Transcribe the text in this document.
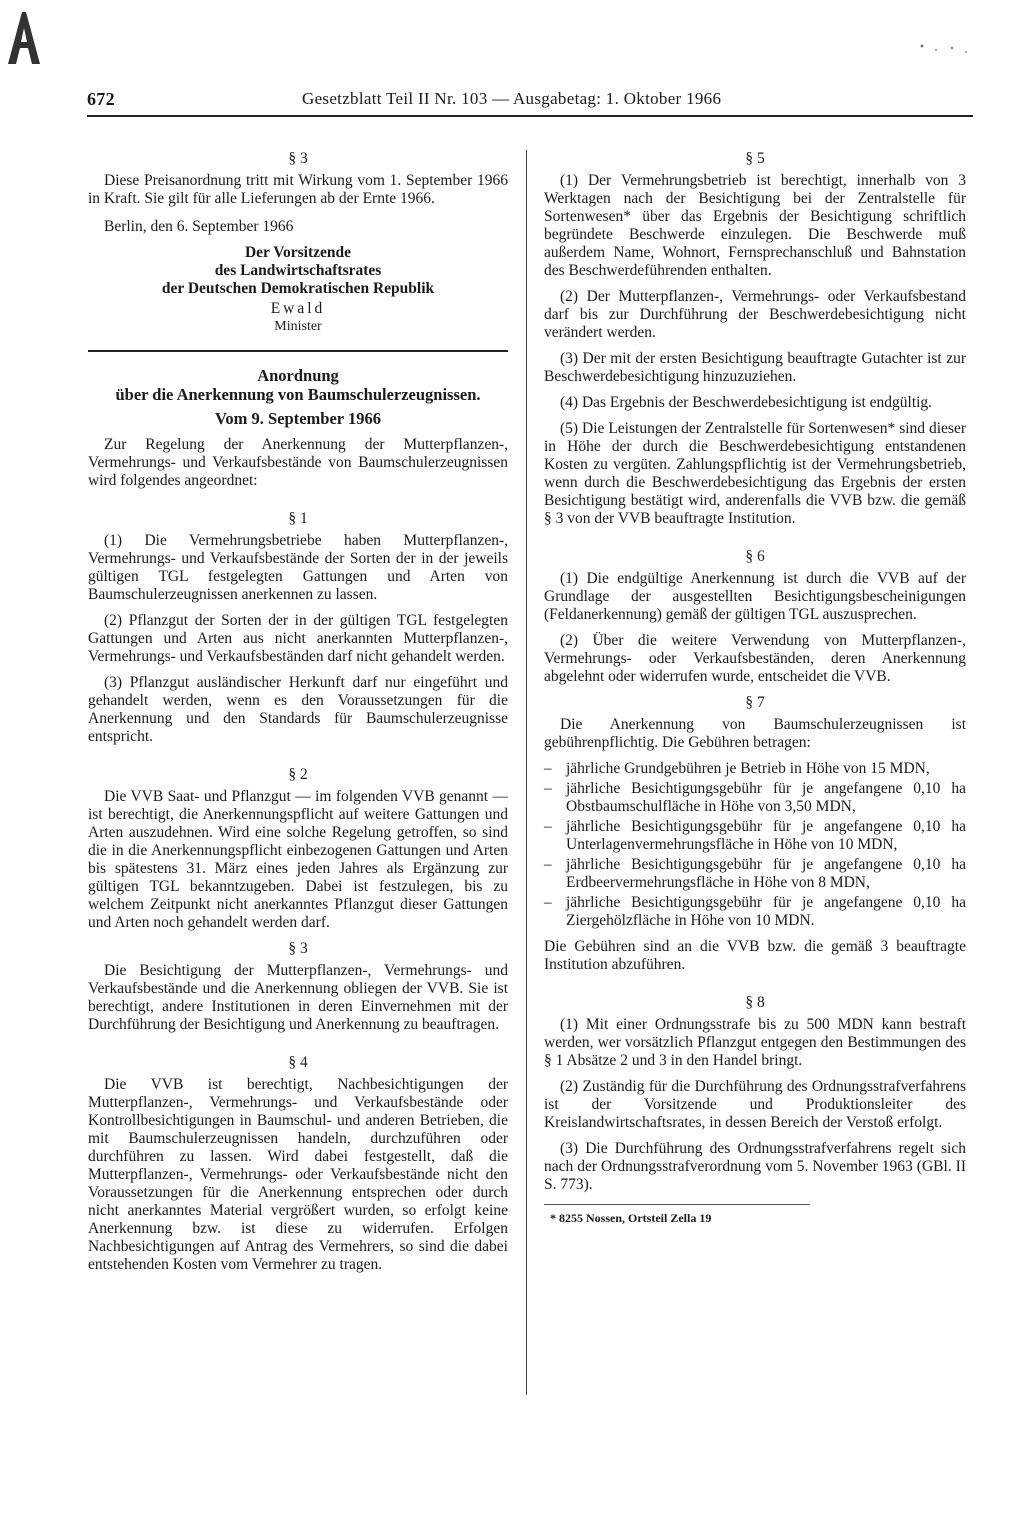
672	Gesetzblatt Teil II Nr. 103 — Ausgabetag: 1. Oktober 1966
§ 3

Diese Preisanordnung tritt mit Wirkung vom 1. September 1966 in Kraft. Sie gilt für alle Lieferungen ab der Ernte 1966.

Berlin, den 6. September 1966

Der Vorsitzende
des Landwirtschaftsrates
der Deutschen Demokratischen Republik
Ewald
Minister
Anordnung
über die Anerkennung von Baumschulerzeugnissen.
Vom 9. September 1966

Zur Regelung der Anerkennung der Mutterpflanzen-, Vermehrungs- und Verkaufsbestände von Baumschulerzeugnissen wird folgendes angeordnet:

§ 1

(1) Die Vermehrungsbetriebe haben Mutterpflanzen-, Vermehrungs- und Verkaufsbestände der Sorten der in der jeweils gültigen TGL festgelegten Gattungen und Arten von Baumschulerzeugnissen anerkennen zu lassen.

(2) Pflanzgut der Sorten der in der gültigen TGL festgelegten Gattungen und Arten aus nicht anerkannten Mutterpflanzen-, Vermehrungs- und Verkaufsbeständen darf nicht gehandelt werden.

(3) Pflanzgut ausländischer Herkunft darf nur eingeführt und gehandelt werden, wenn es den Voraussetzungen für die Anerkennung und den Standards für Baumschulerzeugnisse entspricht.

§ 2

Die VVB Saat- und Pflanzgut — im folgenden VVB genannt — ist berechtigt, die Anerkennungspflicht auf weitere Gattungen und Arten auszudehnen. Wird eine solche Regelung getroffen, so sind die in die Anerkennungspflicht einbezogenen Gattungen und Arten bis spätestens 31. März eines jeden Jahres als Ergänzung zur gültigen TGL bekanntzugeben. Dabei ist festzulegen, bis zu welchem Zeitpunkt nicht anerkanntes Pflanzgut dieser Gattungen und Arten noch gehandelt werden darf.

§ 3

Die Besichtigung der Mutterpflanzen-, Vermehrungs- und Verkaufsbestände und die Anerkennung obliegen der VVB. Sie ist berechtigt, andere Institutionen in deren Einvernehmen mit der Durchführung der Besichtigung und Anerkennung zu beauftragen.

§ 4

Die VVB ist berechtigt, Nachbesichtigungen der Mutterpflanzen-, Vermehrungs- und Verkaufsbestände oder Kontrollbesichtigungen in Baumschul- und anderen Betrieben, die mit Baumschulerzeugnissen handeln, durchzuführen oder durchführen zu lassen. Wird dabei festgestellt, daß die Mutterpflanzen-, Vermehrungs- oder Verkaufsbestände nicht den Voraussetzungen für die Anerkennung entsprechen oder durch nicht anerkanntes Material vergrößert wurden, so erfolgt keine Anerkennung bzw. ist diese zu widerrufen. Erfolgen Nachbesichtigungen auf Antrag des Vermehrers, so sind die dabei entstehenden Kosten vom Vermehrer zu tragen.

§ 5

(1) Der Vermehrungsbetrieb ist berechtigt, innerhalb von 3 Werktagen nach der Besichtigung bei der Zentralstelle für Sortenwesen* über das Ergebnis der Besichtigung schriftlich begründete Beschwerde einzulegen. Die Beschwerde muß außerdem Name, Wohnort, Fernsprechanschluß und Bahnstation des Beschwerdeführenden enthalten.

(2) Der Mutterpflanzen-, Vermehrungs- oder Verkaufsbestand darf bis zur Durchführung der Beschwerdebesichtigung nicht verändert werden.

(3) Der mit der ersten Besichtigung beauftragte Gutachter ist zur Beschwerdebesichtigung hinzuzuziehen.

(4) Das Ergebnis der Beschwerdebesichtigung ist endgültig.

(5) Die Leistungen der Zentralstelle für Sortenwesen* sind dieser in Höhe der durch die Beschwerdebesichtigung entstandenen Kosten zu vergüten. Zahlungspflichtig ist der Vermehrungsbetrieb, wenn durch die Beschwerdebesichtigung das Ergebnis der ersten Besichtigung bestätigt wird, anderenfalls die VVB bzw. die gemäß § 3 von der VVB beauftragte Institution.

§ 6

(1) Die endgültige Anerkennung ist durch die VVB auf der Grundlage der ausgestellten Besichtigungsbescheinigungen (Feldanerkennung) gemäß der gültigen TGL auszusprechen.

(2) Über die weitere Verwendung von Mutterpflanzen-, Vermehrungs- oder Verkaufsbeständen, deren Anerkennung abgelehnt oder widerrufen wurde, entscheidet die VVB.

§ 7

Die Anerkennung von Baumschulerzeugnissen ist gebührenpflichtig. Die Gebühren betragen:

– jährliche Grundgebühren je Betrieb in Höhe von 15 MDN,
– jährliche Besichtigungsgebühr für je angefangene 0,10 ha Obstbaumschulfläche in Höhe von 3,50 MDN,
– jährliche Besichtigungsgebühr für je angefangene 0,10 ha Unterlagenvermehrungsfläche in Höhe von 10 MDN,
– jährliche Besichtigungsgebühr für je angefangene 0,10 ha Erdbeervermehrungsfläche in Höhe von 8 MDN,
– jährliche Besichtigungsgebühr für je angefangene 0,10 ha Ziergehölzfläche in Höhe von 10 MDN.

Die Gebühren sind an die VVB bzw. die gemäß 3 beauftragte Institution abzuführen.

§ 8

(1) Mit einer Ordnungsstrafe bis zu 500 MDN kann bestraft werden, wer vorsätzlich Pflanzgut entgegen den Bestimmungen des § 1 Absätze 2 und 3 in den Handel bringt.

(2) Zuständig für die Durchführung des Ordnungsstrafverfahrens ist der Vorsitzende und Produktionsleiter des Kreislandwirtschaftsrates, in dessen Bereich der Verstoß erfolgt.

(3) Die Durchführung des Ordnungsstrafverfahrens regelt sich nach der Ordnungsstrafverordnung vom 5. November 1963 (GBl. II S. 773).

* 8255 Nossen, Ortsteil Zella 19
